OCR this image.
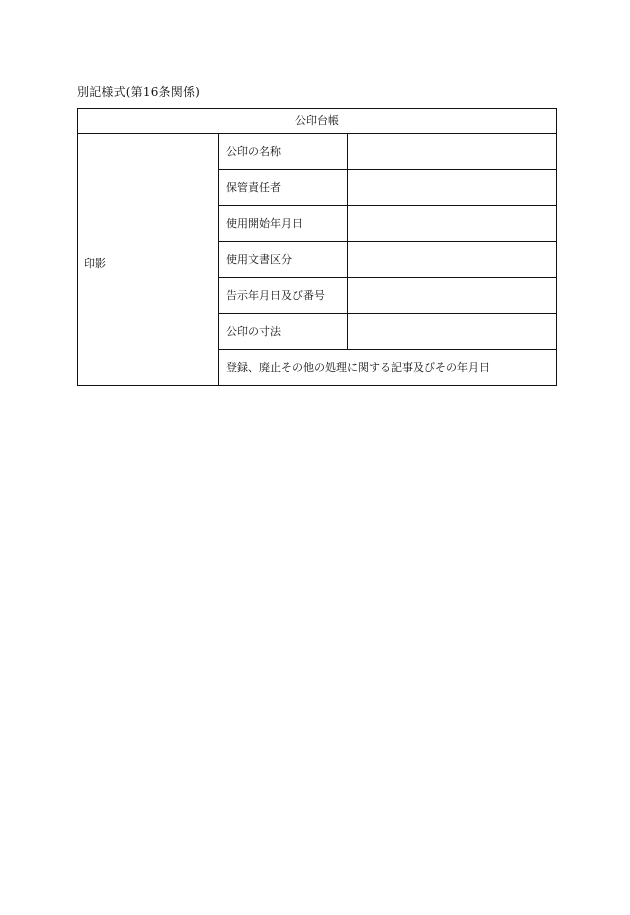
別記様式(第16条関係)
公印台帳		
印影	公印の名称	
	保管責任者	
	使用開始年月日	
	使用文書区分	
	告示年月日及び番号	
	公印の寸法	
	登録、廃止その他の処理に関する記事及びその年月日	
